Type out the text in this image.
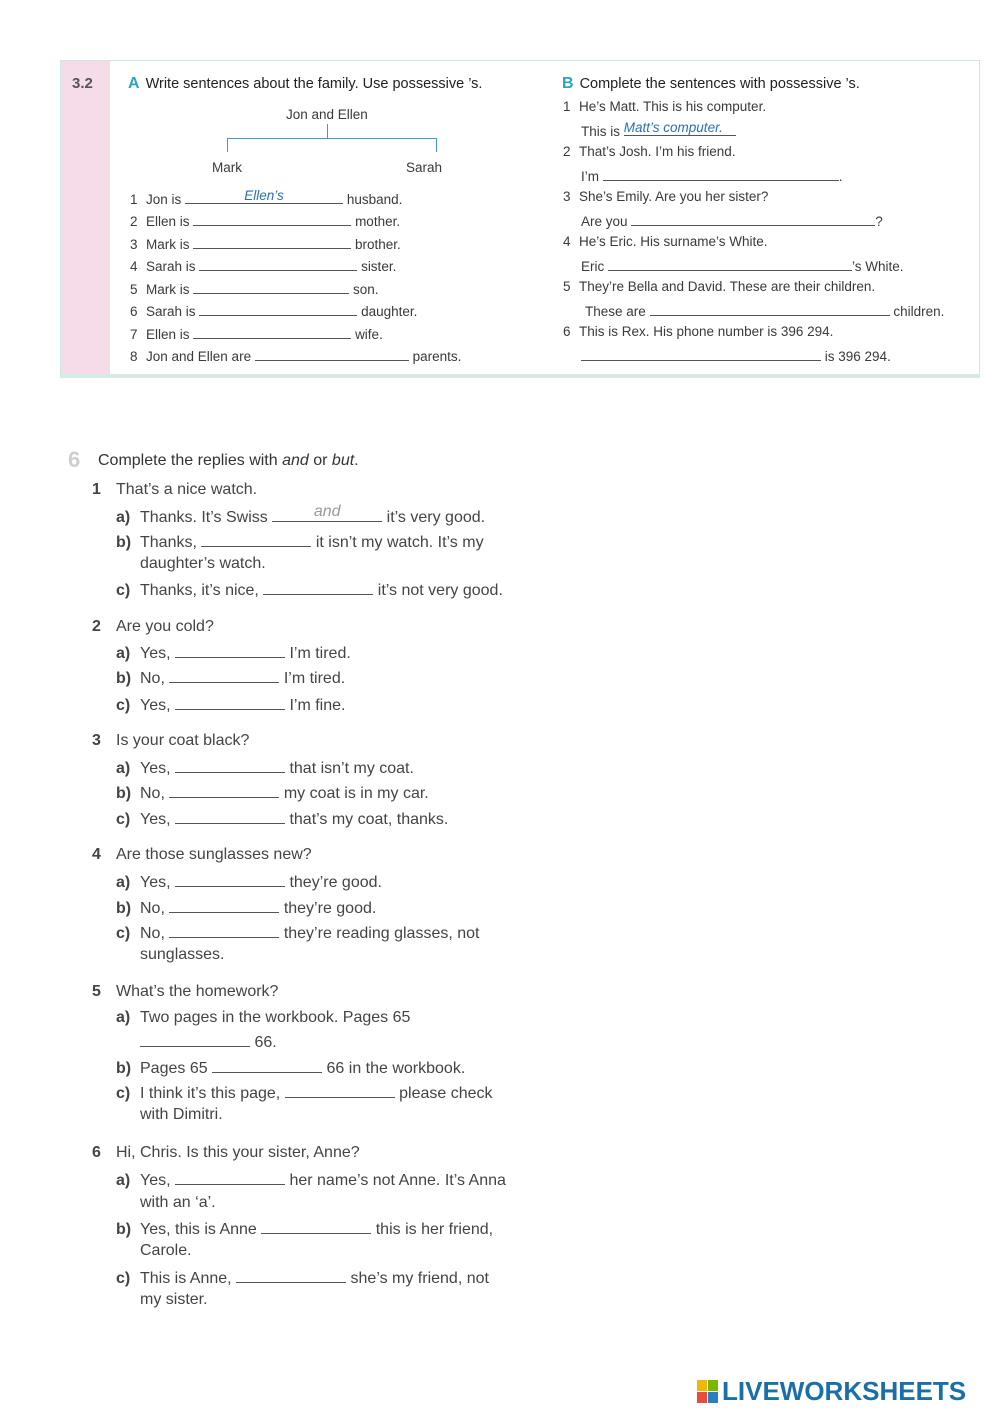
3.2 A Write sentences about the family. Use possessive ’s.
Jon and Ellen
Mark	Sarah
1 Jon is	Ellen’s	husband.
2 Ellen is	mother.
3 Mark is	brother.
4 Sarah is	sister.
5 Mark is	son.
6 Sarah is	daughter.
7 Ellen is	wife.
8 Jon and Ellen are	parents.
B Complete the sentences with possessive ’s.
1 He’s Matt. This is his computer.
This is Matt’s computer.
2 That’s Josh. I’m his friend.
I’m	.
3 She’s Emily. Are you her sister?
Are you	?
4 He’s Eric. His surname’s White.
Eric	’s White.
5 They’re Bella and David. These are their children.
These are	children.
6 This is Rex. His phone number is 396 294.
is 396 294.
6 Complete the replies with and or but.
1 That’s a nice watch.
a) Thanks. It’s Swiss	and	it’s very good.
b) Thanks,	it isn’t my watch. It’s my
daughter’s watch.
c) Thanks, it’s nice,	it’s not very good.
2 Are you cold?
a) Yes,	I’m tired.
b) No,	I’m tired.
c) Yes,	I’m fine.
3 Is your coat black?
a) Yes,	that isn’t my coat.
b) No,	my coat is in my car.
c) Yes,	that’s my coat, thanks.
4 Are those sunglasses new?
a) Yes,	they’re good.
b) No,	they’re good.
c) No,	they’re reading glasses, not
sunglasses.
5 What’s the homework?
a) Two pages in the workbook. Pages 65
66.
b) Pages 65	66 in the workbook.
c) I think it’s this page,	please check
with Dimitri.
6 Hi, Chris. Is this your sister, Anne?
a) Yes,	her name’s not Anne. It’s Anna
with an ‘a’.
b) Yes, this is Anne	this is her friend,
Carole.
c) This is Anne,	she’s my friend, not
my sister.
LIVEWORKSHEETS
